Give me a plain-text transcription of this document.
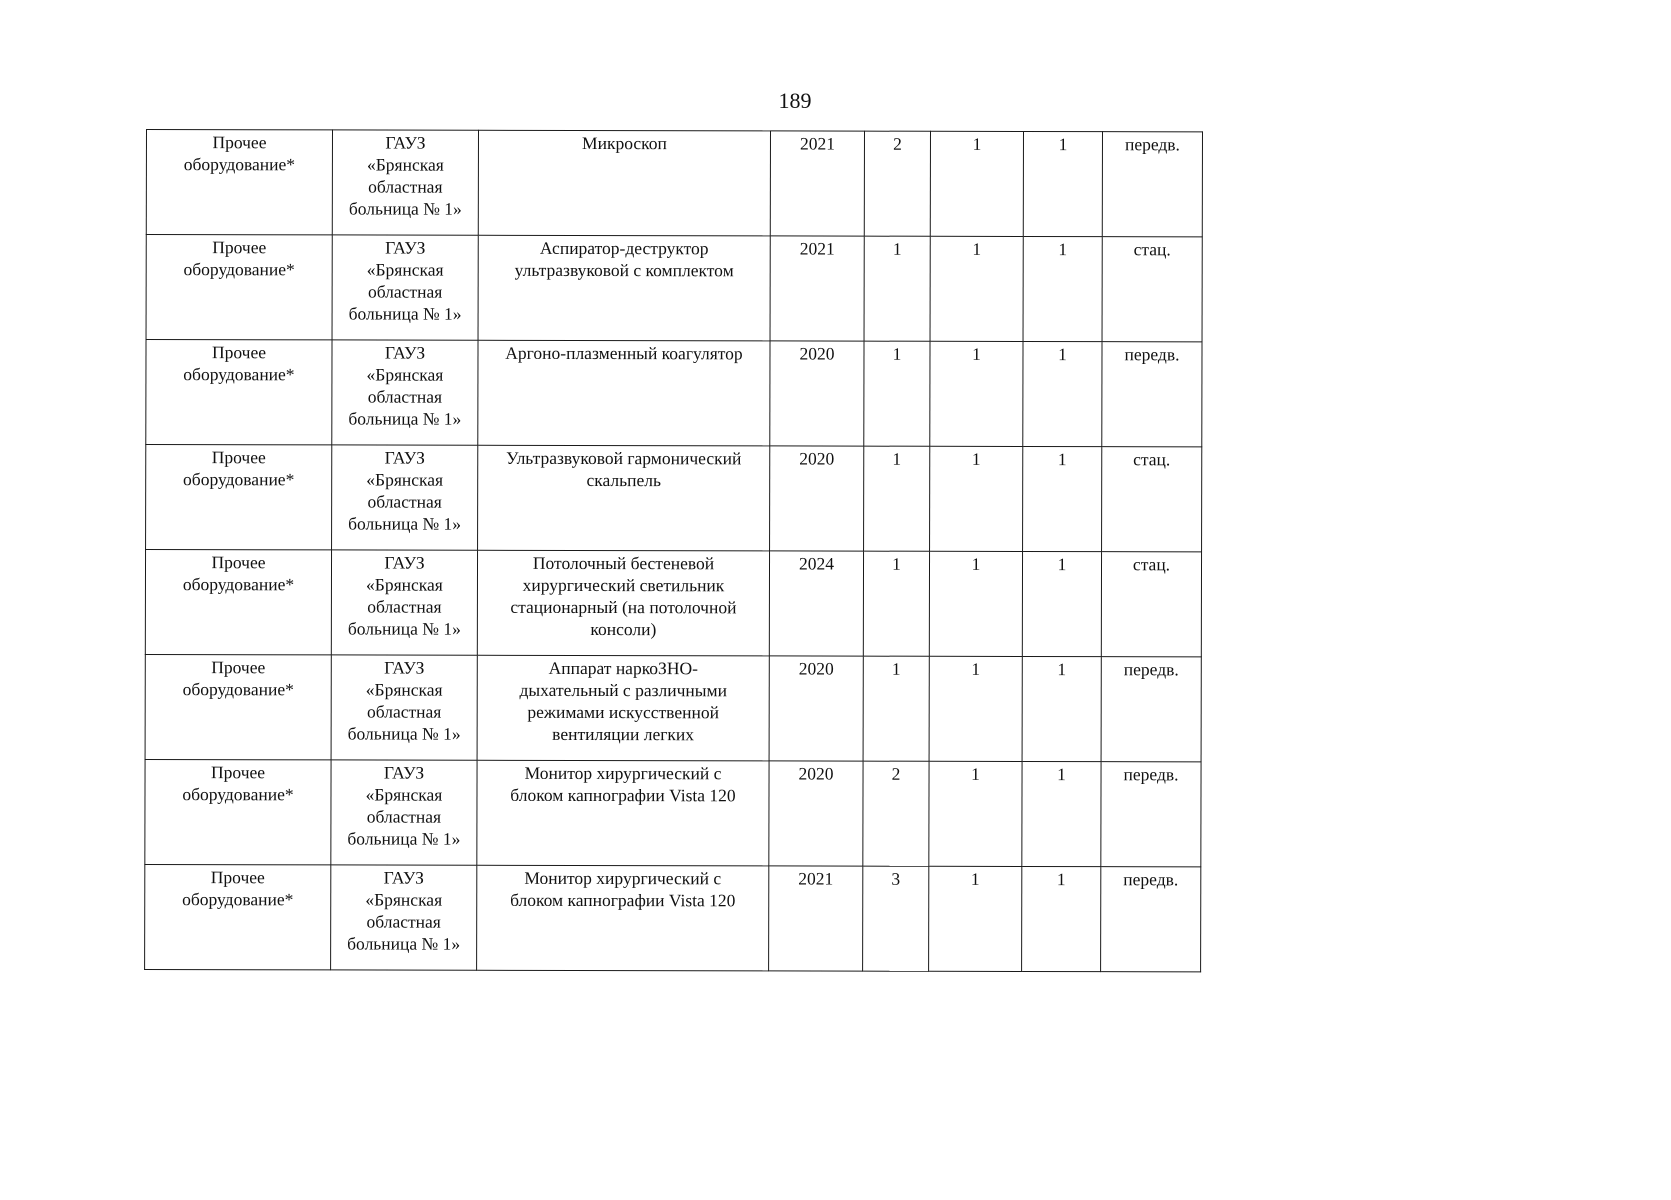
189
Прочее
оборудование*	ГАУЗ
«Брянская
областная
больница № 1»	Микроскоп	2021	2	1	1	передв.

Прочее
оборудование*	ГАУЗ
«Брянская
областная
больница № 1»	Аспиратор-деструктор
ультразвуковой с комплектом	2021	1	1	1	стац.

Прочее
оборудование*	ГАУЗ
«Брянская
областная
больница № 1»	Аргоно-плазменный коагулятор	2020	1	1	1	передв.

Прочее
оборудование*	ГАУЗ
«Брянская
областная
больница № 1»	Ультразвуковой гармонический
скальпель	2020	1	1	1	стац.

Прочее
оборудование*	ГАУЗ
«Брянская
областная
больница № 1»	Потолочный бестеневой
хирургический светильник
стационарный (на потолочной
консоли)	2024	1	1	1	стац.

Прочее
оборудование*	ГАУЗ
«Брянская
областная
больница № 1»	Аппарат наркоЗНО-
дыхательный с различными
режимами искусственной
вентиляции легких	2020	1	1	1	передв.

Прочее
оборудование*	ГАУЗ
«Брянская
областная
больница № 1»	Монитор хирургический с
блоком капнографии Vista 120	2020	2	1	1	передв.

Прочее
оборудование*	ГАУЗ
«Брянская
областная
больница № 1»	Монитор хирургический с
блоком капнографии Vista 120	2021	3	1	1	передв.
